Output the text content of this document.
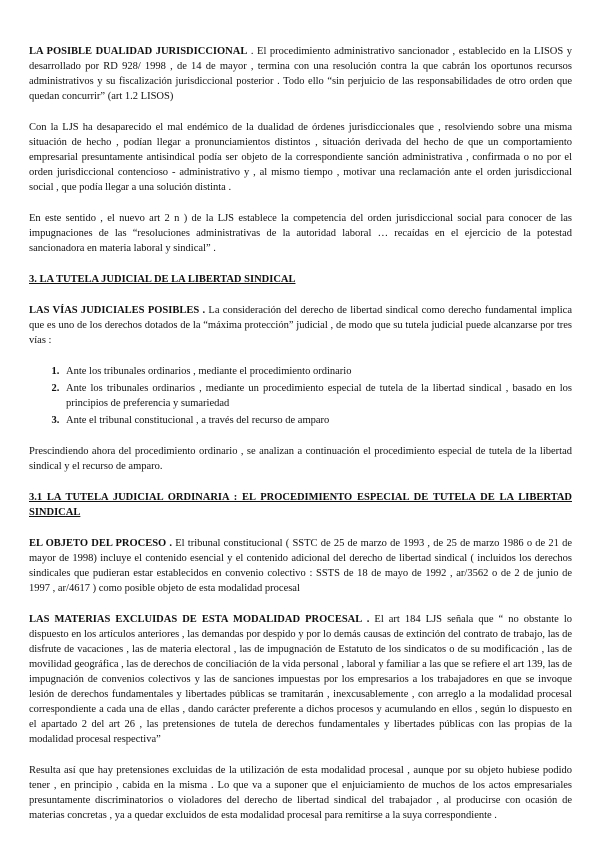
LA POSIBLE DUALIDAD JURISDICCIONAL . El procedimiento administrativo sancionador , establecido en la LISOS y desarrollado por RD 928/ 1998 , de 14 de mayor , termina con una resolución contra la que cabrán los oportunos recursos administrativos y su fiscalización jurisdiccional posterior . Todo ello “sin perjuicio de las responsabilidades de otro orden que quedan concurrir” (art 1.2 LISOS)

Con la LJS ha desaparecido el mal endémico de la dualidad de órdenes jurisdiccionales que , resolviendo sobre una misma situación de hecho , podían llegar a pronunciamientos distintos , situación derivada del hecho de que un comportamiento empresarial presuntamente antisindical podía ser objeto de la correspondiente sanción administrativa , confirmada o no por el orden jurisdiccional contencioso - administrativo y , al mismo tiempo , motivar una reclamación ante el orden jurisdiccional social , que podía llegar a una solución distinta .

En este sentido , el nuevo art 2 n ) de la LJS establece la competencia del orden jurisdiccional social para conocer de las impugnaciones de las “resoluciones administrativas de la autoridad laboral … recaídas en el ejercicio de la potestad sancionadora en materia laboral y sindical” .

3. LA TUTELA JUDICIAL DE LA LIBERTAD SINDICAL

LAS VÍAS JUDICIALES POSIBLES . La consideración del derecho de libertad sindical como derecho fundamental implica que es uno de los derechos dotados de la “máxima protección” judicial , de modo que su tutela judicial puede alcanzarse por tres vías :

1. Ante los tribunales ordinarios , mediante el procedimiento ordinario
2. Ante los tribunales ordinarios , mediante un procedimiento especial de tutela de la libertad sindical , basado en los principios de preferencia y sumariedad
3. Ante el tribunal constitucional , a través del recurso de amparo

Prescindiendo ahora del procedimiento ordinario , se analizan a continuación el procedimiento especial de tutela de la libertad sindical y el recurso de amparo.

3.1 LA TUTELA JUDICIAL ORDINARIA : EL PROCEDIMIENTO ESPECIAL DE TUTELA DE LA LIBERTAD SINDICAL

EL OBJETO DEL PROCESO . El tribunal constitucional ( SSTC de 25 de marzo de 1993 , de 25 de marzo 1986 o de 21 de mayor de 1998) incluye el contenido esencial y el contenido adicional del derecho de libertad sindical ( incluidos los derechos sindicales que pudieran estar establecidos en convenio colectivo : SSTS de 18 de mayo de 1992 , ar/3562 o de 2 de junio de 1997 , ar/4617 ) como posible objeto de esta modalidad procesal

LAS MATERIAS EXCLUIDAS DE ESTA MODALIDAD PROCESAL . El art 184 LJS señala que “ no obstante lo dispuesto en los artículos anteriores , las demandas por despido y por lo demás causas de extinción del contrato de trabajo, las de disfrute de vacaciones , las de materia electoral , las de impugnación de Estatuto de los sindicatos o de su modificación , las de movilidad geográfica , las de derechos de conciliación de la vida personal , laboral y familiar a las que se refiere el art 139, las de impugnación de convenios colectivos y las de sanciones impuestas por los empresarios a los trabajadores en que se invoque lesión de derechos fundamentales y libertades públicas se tramitarán , inexcusablemente , con arreglo a la modalidad procesal correspondiente a cada una de ellas , dando carácter preferente a dichos procesos y acumulando en ellos , según lo dispuesto en el apartado 2 del art 26 , las pretensiones de tutela de derechos fundamentales y libertades públicas con las propias de la modalidad procesal respectiva”

Resulta así que hay pretensiones excluidas de la utilización de esta modalidad procesal , aunque por su objeto hubiese podido tener , en principio , cabida en la misma . Lo que va a suponer que el enjuiciamiento de muchos de los actos empresariales presuntamente discriminatorios o violadores del derecho de libertad sindical del trabajador , al producirse con ocasión de materias concretas , ya a quedar excluidos de esta modalidad procesal para remitirse a la suya correspondiente .
